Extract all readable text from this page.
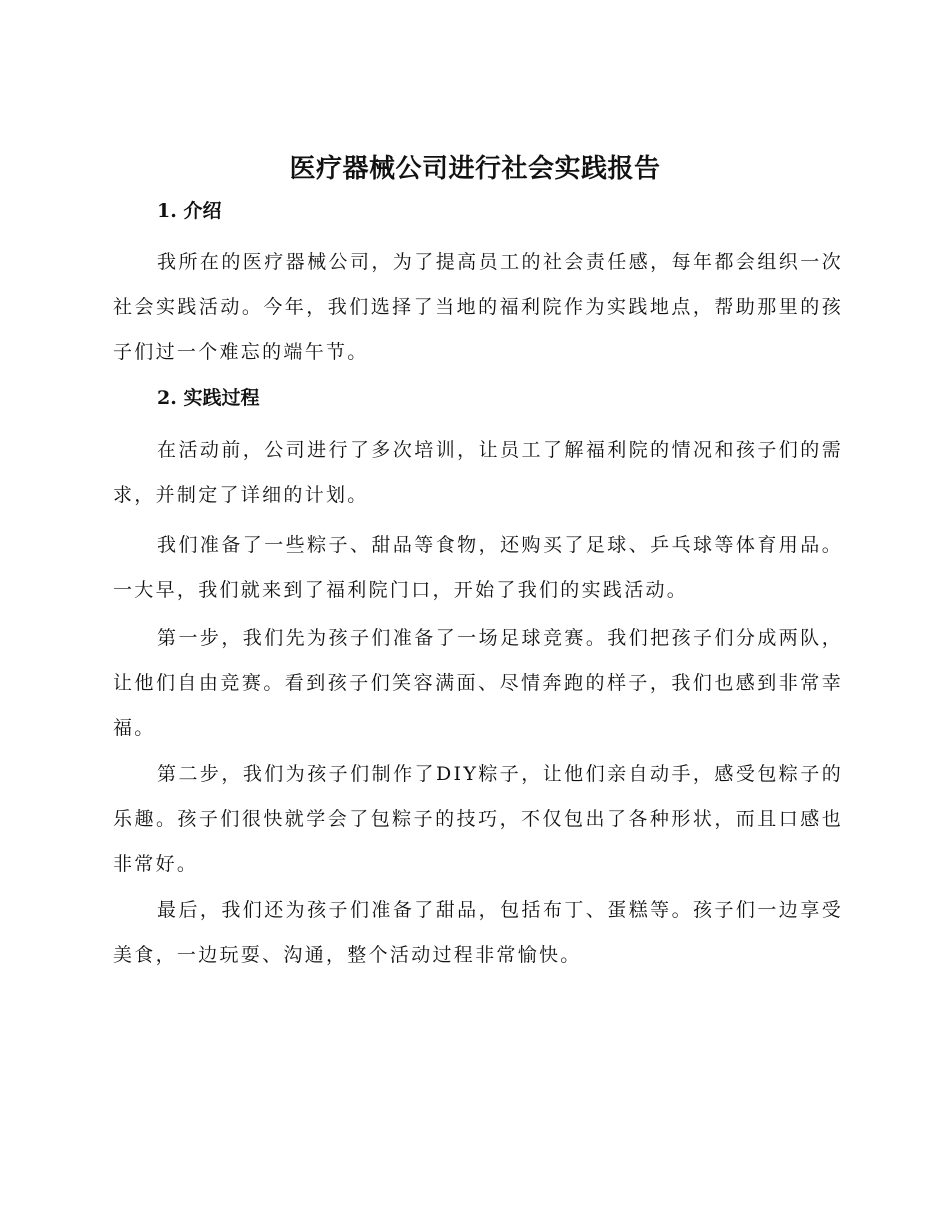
医疗器械公司进行社会实践报告
1. 介绍

我所在的医疗器械公司，为了提高员工的社会责任感，每年都会组织一次社会实践活动。今年，我们选择了当地的福利院作为实践地点，帮助那里的孩子们过一个难忘的端午节。

2. 实践过程

在活动前，公司进行了多次培训，让员工了解福利院的情况和孩子们的需求，并制定了详细的计划。

我们准备了一些粽子、甜品等食物，还购买了足球、乒乓球等体育用品。一大早，我们就来到了福利院门口，开始了我们的实践活动。

第一步，我们先为孩子们准备了一场足球竞赛。我们把孩子们分成两队，让他们自由竞赛。看到孩子们笑容满面、尽情奔跑的样子，我们也感到非常幸福。

第二步，我们为孩子们制作了DIY粽子，让他们亲自动手，感受包粽子的乐趣。孩子们很快就学会了包粽子的技巧，不仅包出了各种形状，而且口感也非常好。

最后，我们还为孩子们准备了甜品，包括布丁、蛋糕等。孩子们一边享受美食，一边玩耍、沟通，整个活动过程非常愉快。
